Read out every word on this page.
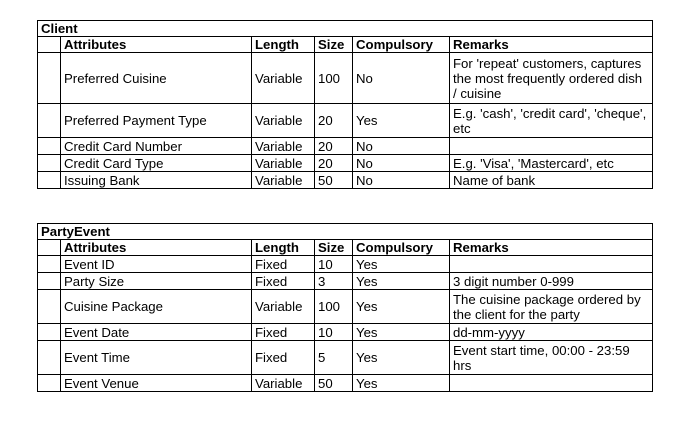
Client					
	Attributes	Length	Size	Compulsory	Remarks
	Preferred Cuisine	Variable	100	No	For 'repeat' customers, captures the most frequently ordered dish / cuisine
	Preferred Payment Type	Variable	20	Yes	E.g. 'cash', 'credit card', 'cheque', etc
	Credit Card Number	Variable	20	No	
	Credit Card Type	Variable	20	No	E.g. 'Visa', 'Mastercard', etc
	Issuing Bank	Variable	50	No	Name of bank
PartyEvent					
	Attributes	Length	Size	Compulsory	Remarks
	Event ID	Fixed	10	Yes	
	Party Size	Fixed	3	Yes	3 digit number 0-999
	Cuisine Package	Variable	100	Yes	The cuisine package ordered by the client for the party
	Event Date	Fixed	10	Yes	dd-mm-yyyy
	Event Time	Fixed	5	Yes	Event start time, 00:00 - 23:59 hrs
	Event Venue	Variable	50	Yes	
